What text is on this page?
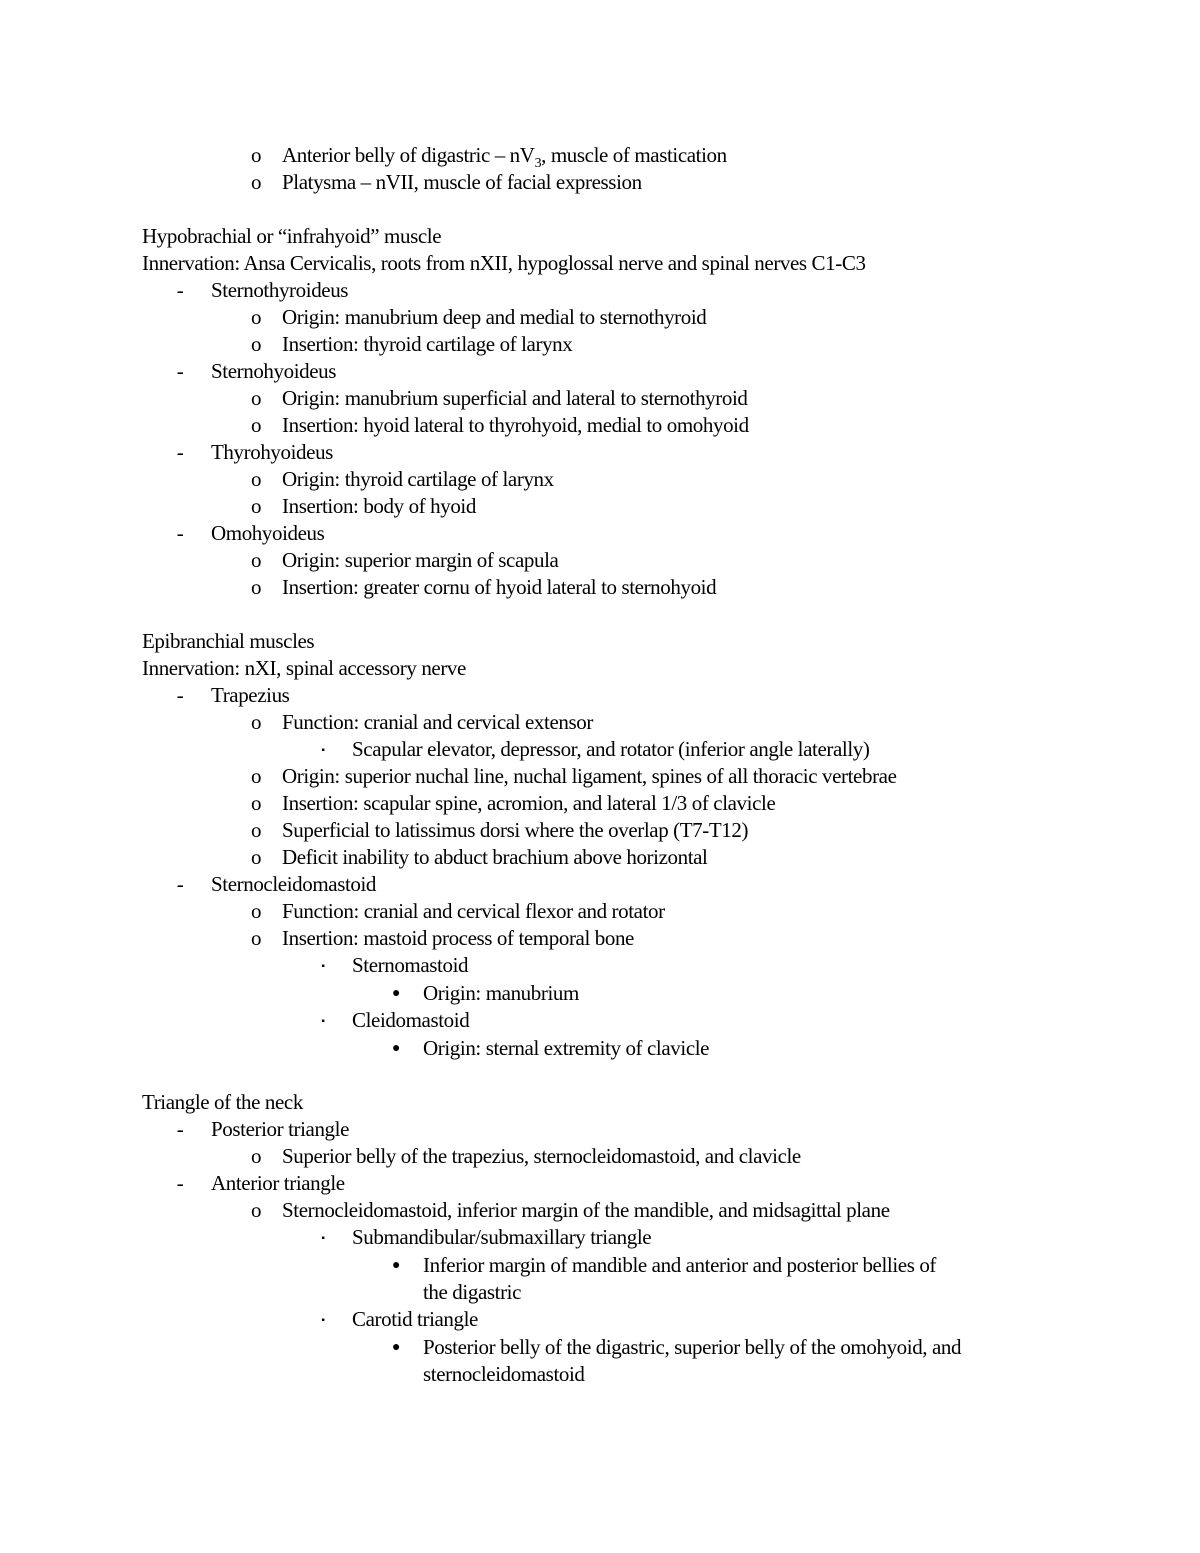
o Anterior belly of digastric – $nV_3$, muscle of mastication
o Platysma – nVII, muscle of facial expression
Hypobrachial or “infrahyoid” muscle
Innervation: Ansa Cervicalis, roots from nXII, hypoglossal nerve and spinal nerves C1-C3
-	Sternothyroideus
o Origin: manubrium deep and medial to sternothyroid
o Insertion: thyroid cartilage of larynx
-	Sternohyoideus
o Origin: manubrium superficial and lateral to sternothyroid
o Insertion: hyoid lateral to thyrohyoid, medial to omohyoid
-	Thyrohyoideus
o Origin: thyroid cartilage of larynx
o Insertion: body of hyoid
-	Omohyoideus
o Origin: superior margin of scapula
o Insertion: greater cornu of hyoid lateral to sternohyoid
Epibranchial muscles
Innervation: nXI, spinal accessory nerve
-	Trapezius
o Function: cranial and cervical extensor
▪	Scapular elevator, depressor, and rotator (inferior angle laterally)
o Origin: superior nuchal line, nuchal ligament, spines of all thoracic vertebrae
o Insertion: scapular spine, acromion, and lateral 1/3 of clavicle
o Superficial to latissimus dorsi where the overlap (T7-T12)
o Deficit inability to abduct brachium above horizontal
-	Sternocleidomastoid
o Function: cranial and cervical flexor and rotator
o Insertion: mastoid process of temporal bone
▪	Sternomastoid
● Origin: manubrium
▪	Cleidomastoid
● Origin: sternal extremity of clavicle
Triangle of the neck
-	Posterior triangle
o Superior belly of the trapezius, sternocleidomastoid, and clavicle
-	Anterior triangle
o Sternocleidomastoid, inferior margin of the mandible, and midsagittal plane
▪	Submandibular/submaxillary triangle
● Inferior margin of mandible and anterior and posterior bellies of
the digastric
▪	Carotid triangle
● Posterior belly of the digastric, superior belly of the omohyoid, and
sternocleidomastoid
